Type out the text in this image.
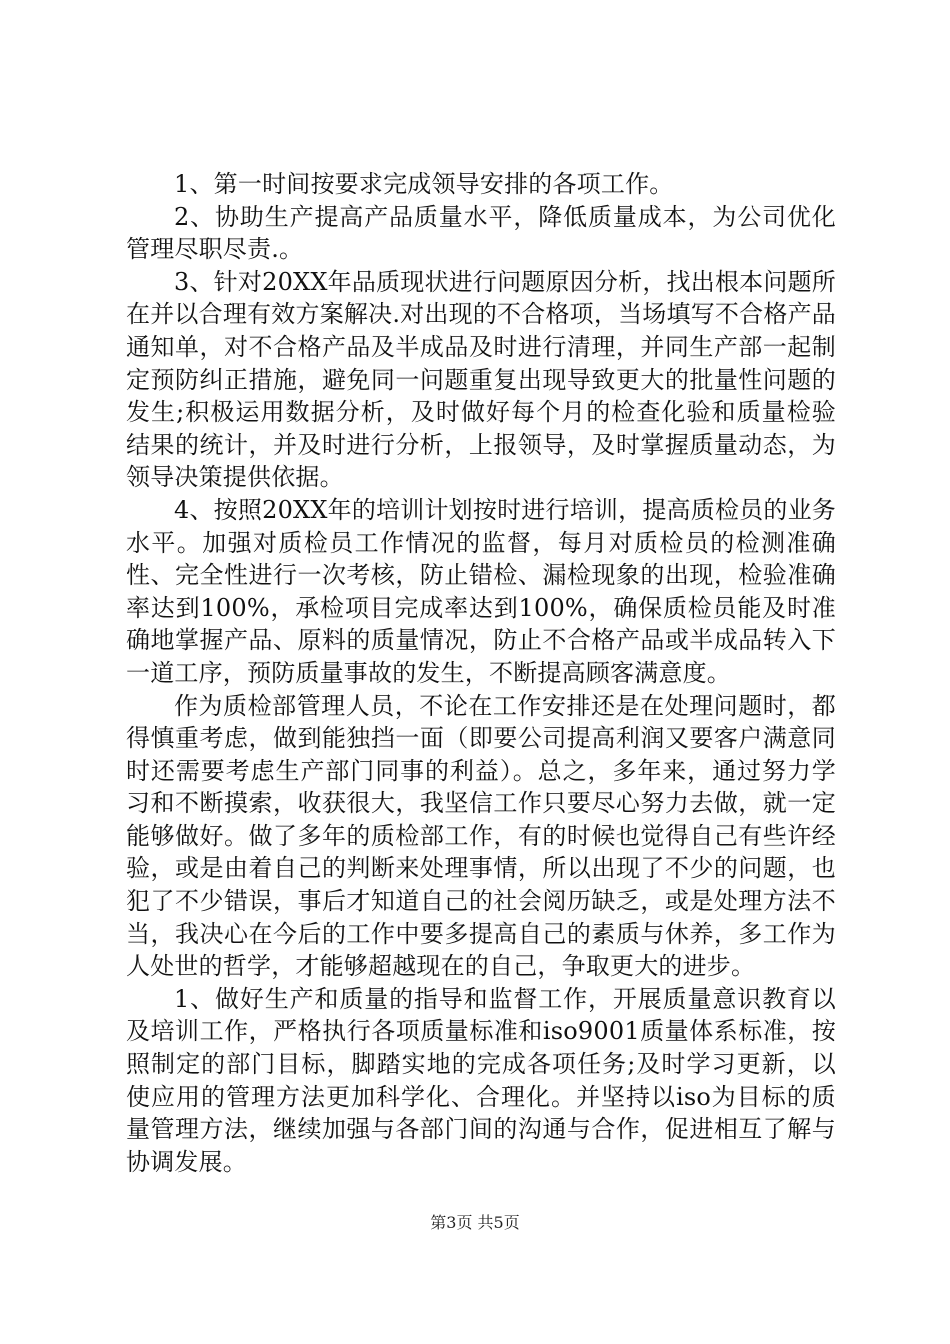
1、第一时间按要求完成领导安排的各项工作。

2、协助生产提高产品质量水平，降低质量成本，为公司优化管理尽职尽责.。

3、针对20XX年品质现状进行问题原因分析，找出根本问题所在并以合理有效方案解决.对出现的不合格项，当场填写不合格产品通知单，对不合格产品及半成品及时进行清理，并同生产部一起制定预防纠正措施，避免同一问题重复出现导致更大的批量性问题的发生;积极运用数据分析，及时做好每个月的检查化验和质量检验结果的统计，并及时进行分析，上报领导，及时掌握质量动态，为领导决策提供依据。

4、按照20XX年的培训计划按时进行培训，提高质检员的业务水平。加强对质检员工作情况的监督，每月对质检员的检测准确性、完全性进行一次考核，防止错检、漏检现象的出现，检验准确率达到100%，承检项目完成率达到100%，确保质检员能及时准确地掌握产品、原料的质量情况，防止不合格产品或半成品转入下一道工序，预防质量事故的发生，不断提高顾客满意度。

作为质检部管理人员，不论在工作安排还是在处理问题时，都得慎重考虑，做到能独挡一面（即要公司提高利润又要客户满意同时还需要考虑生产部门同事的利益）。总之，多年来，通过努力学习和不断摸索，收获很大，我坚信工作只要尽心努力去做，就一定能够做好。做了多年的质检部工作，有的时候也觉得自己有些许经验，或是由着自己的判断来处理事情，所以出现了不少的问题，也犯了不少错误，事后才知道自己的社会阅历缺乏，或是处理方法不当，我决心在今后的工作中要多提高自己的素质与休养，多工作为人处世的哲学，才能够超越现在的自己，争取更大的进步。

1、做好生产和质量的指导和监督工作，开展质量意识教育以及培训工作，严格执行各项质量标准和iso9001质量体系标准，按照制定的部门目标，脚踏实地的完成各项任务;及时学习更新，以使应用的管理方法更加科学化、合理化。并坚持以iso为目标的质量管理方法，继续加强与各部门间的沟通与合作，促进相互了解与协调发展。

第3页 共5页
